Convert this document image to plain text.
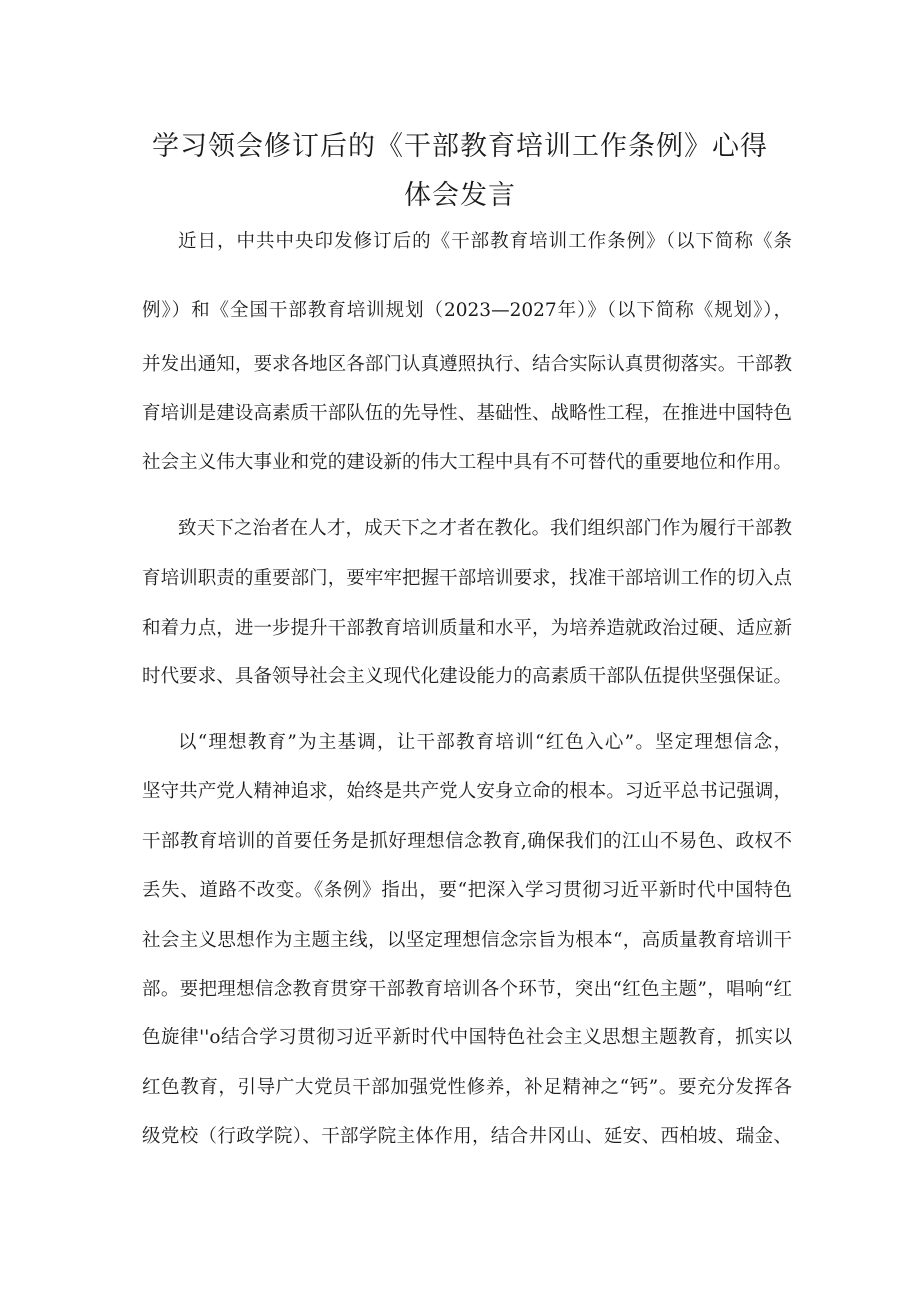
学习领会修订后的《干部教育培训工作条例》心得
体会发言
近日，中共中央印发修订后的《干部教育培训工作条例》（以下简称《条
例》）和《全国干部教育培训规划（2023—2027年）》（以下简称《规划》），
并发出通知，要求各地区各部门认真遵照执行、结合实际认真贯彻落实。干部教
育培训是建设高素质干部队伍的先导性、基础性、战略性工程，在推进中国特色
社会主义伟大事业和党的建设新的伟大工程中具有不可替代的重要地位和作用。
致天下之治者在人才，成天下之才者在教化。我们组织部门作为履行干部教
育培训职责的重要部门，要牢牢把握干部培训要求，找准干部培训工作的切入点
和着力点，进一步提升干部教育培训质量和水平，为培养造就政治过硬、适应新
时代要求、具备领导社会主义现代化建设能力的高素质干部队伍提供坚强保证。
以“理想教育”为主基调，让干部教育培训“红色入心”。坚定理想信念，
坚守共产党人精神追求，始终是共产党人安身立命的根本。习近平总书记强调，
干部教育培训的首要任务是抓好理想信念教育,确保我们的江山不易色、政权不
丢失、道路不改变。《条例》指出，要“把深入学习贯彻习近平新时代中国特色
社会主义思想作为主题主线，以坚定理想信念宗旨为根本“，高质量教育培训干
部。要把理想信念教育贯穿干部教育培训各个环节，突出“红色主题”，唱响“红
色旋律''o结合学习贯彻习近平新时代中国特色社会主义思想主题教育，抓实以
红色教育，引导广大党员干部加强党性修养，补足精神之“钙”。要充分发挥各
级党校（行政学院）、干部学院主体作用，结合井冈山、延安、西柏坡、瑞金、
